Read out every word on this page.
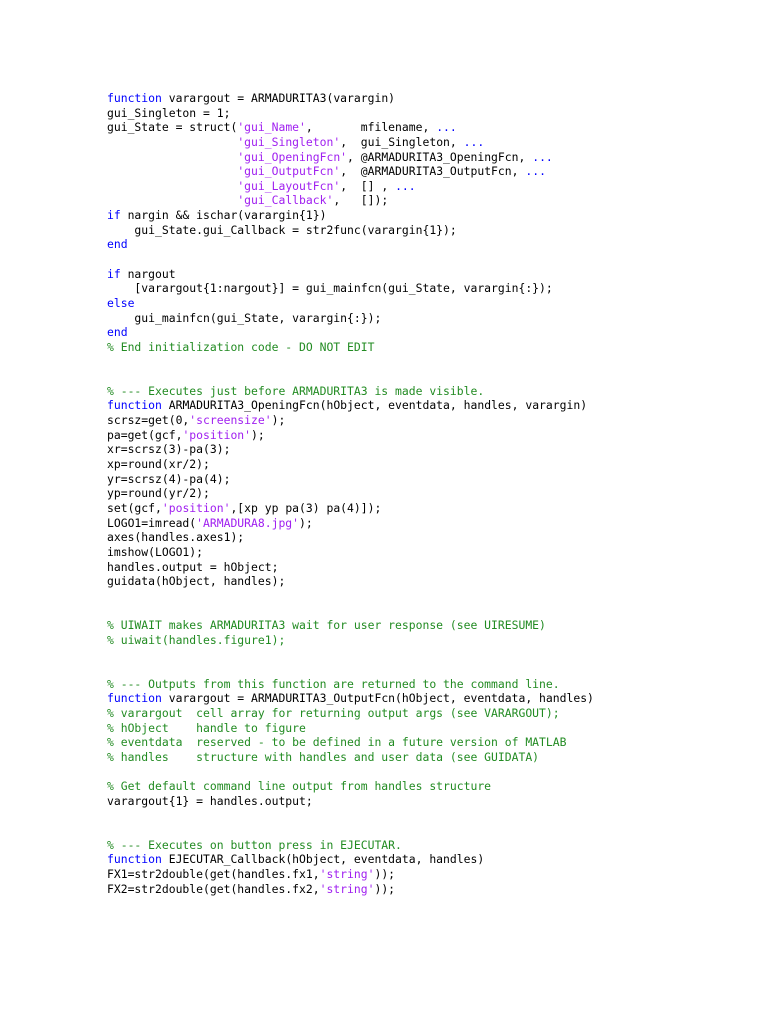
function varargout = ARMADURITA3(varargin)
gui_Singleton = 1;
gui_State = struct('gui_Name',       mfilename, ...
'gui_Singleton',  gui_Singleton, ...
'gui_OpeningFcn', @ARMADURITA3_OpeningFcn, ...
'gui_OutputFcn',  @ARMADURITA3_OutputFcn, ...
'gui_LayoutFcn',  [] , ...
'gui_Callback',   []);
if nargin && ischar(varargin{1})
gui_State.gui_Callback = str2func(varargin{1});
end
if nargout
[varargout{1:nargout}] = gui_mainfcn(gui_State, varargin{:});
else
gui_mainfcn(gui_State, varargin{:});
end
% End initialization code - DO NOT EDIT
% --- Executes just before ARMADURITA3 is made visible.
function ARMADURITA3_OpeningFcn(hObject, eventdata, handles, varargin)
scrsz=get(0,'screensize');
pa=get(gcf,'position');
xr=scrsz(3)-pa(3);
xp=round(xr/2);
yr=scrsz(4)-pa(4);
yp=round(yr/2);
set(gcf,'position',[xp yp pa(3) pa(4)]);
LOGO1=imread('ARMADURA8.jpg');
axes(handles.axes1);
imshow(LOGO1);
handles.output = hObject;
guidata(hObject, handles);
% UIWAIT makes ARMADURITA3 wait for user response (see UIRESUME)
% uiwait(handles.figure1);
% --- Outputs from this function are returned to the command line.
function varargout = ARMADURITA3_OutputFcn(hObject, eventdata, handles)
% varargout  cell array for returning output args (see VARARGOUT);
% hObject    handle to figure
% eventdata  reserved - to be defined in a future version of MATLAB
% handles    structure with handles and user data (see GUIDATA)
% Get default command line output from handles structure
varargout{1} = handles.output;
% --- Executes on button press in EJECUTAR.
function EJECUTAR_Callback(hObject, eventdata, handles)
FX1=str2double(get(handles.fx1,'string'));
FX2=str2double(get(handles.fx2,'string'));
